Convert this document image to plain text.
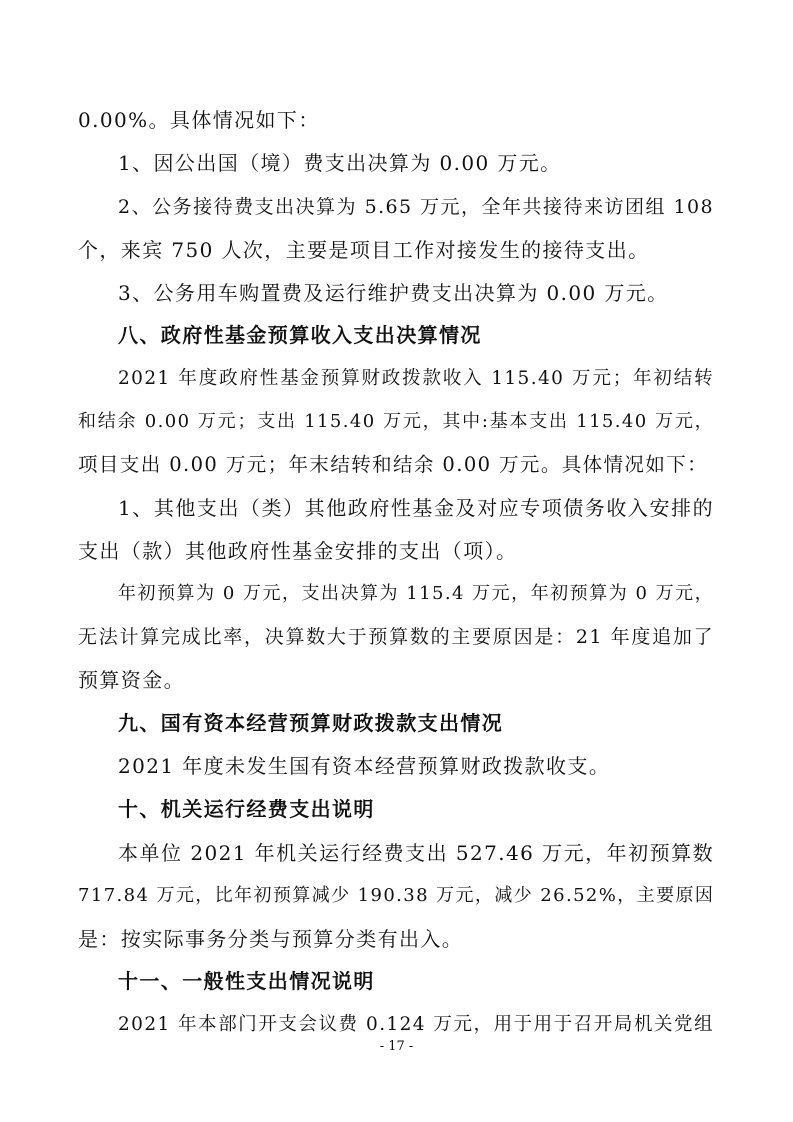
0.00%。具体情况如下：
1、因公出国（境）费支出决算为 0.00 万元。
2、公务接待费支出决算为 5.65 万元，全年共接待来访团组 108
个，来宾 750 人次，主要是项目工作对接发生的接待支出。
3、公务用车购置费及运行维护费支出决算为 0.00 万元。
八、政府性基金预算收入支出决算情况
2021 年度政府性基金预算财政拨款收入 115.40 万元；年初结转
和结余 0.00 万元；支出 115.40 万元，其中:基本支出 115.40 万元，
项目支出 0.00 万元；年末结转和结余 0.00 万元。具体情况如下：
1、其他支出（类）其他政府性基金及对应专项债务收入安排的
支出（款）其他政府性基金安排的支出（项）。
年初预算为 0 万元，支出决算为 115.4 万元，年初预算为 0 万元，
无法计算完成比率，决算数大于预算数的主要原因是：21 年度追加了
预算资金。
九、国有资本经营预算财政拨款支出情况
2021 年度未发生国有资本经营预算财政拨款收支。
十、机关运行经费支出说明
本单位 2021 年机关运行经费支出 527.46 万元，年初预算数
717.84 万元，比年初预算减少 190.38 万元，减少 26.52%，主要原因
是：按实际事务分类与预算分类有出入。
十一、一般性支出情况说明
2021 年本部门开支会议费 0.124 万元，用于用于召开局机关党组
- 17 -
